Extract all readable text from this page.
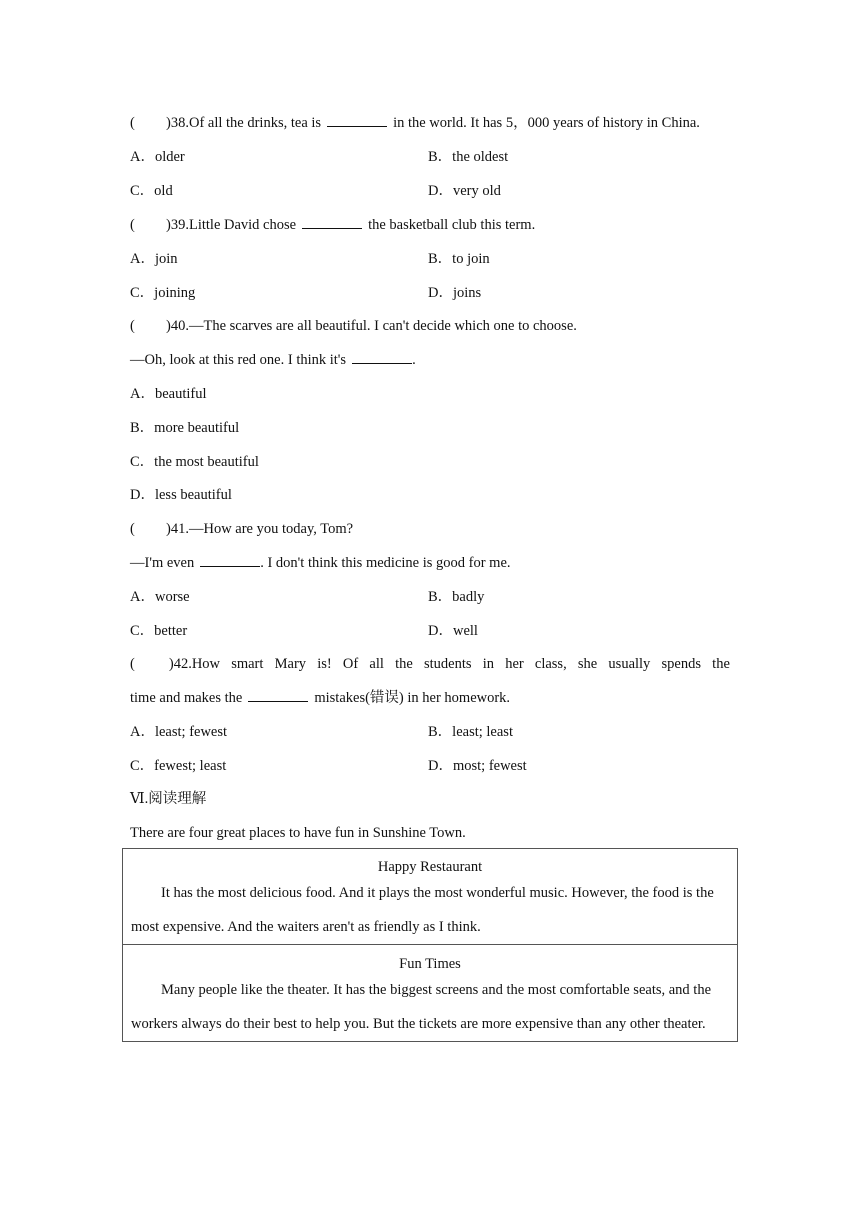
( )38.Of all the drinks, tea is	in the world. It has 5，000 years of history in China.
A．older	B．the oldest
C．old	D．very old
( )39.Little David chose	the basketball club this term.
A．join	B．to join
C．joining	D．joins
( )40.—The scarves are all beautiful. I can't decide which one to choose.
—Oh, look at this red one. I think it's	.
A．beautiful
B．more beautiful
C．the most beautiful
D．less beautiful
( )41.—How are you today, Tom?
—I'm even	. I don't think this medicine is good for me.
A．worse	B．badly
C．better	D．well
( )42.How smart Mary is! Of all the students in her class, she usually spends the
time and makes the	mistakes(错误) in her homework.
A．least; fewest	B．least; least
C．fewest; least	D．most; fewest
Ⅵ.阅读理解
There are four great places to have fun in Sunshine Town.
Happy Restaurant
It has the most delicious food. And it plays the most wonderful music. However, the food is the most expensive. And the waiters aren't as friendly as I think.

Fun Times
Many people like the theater. It has the biggest screens and the most comfortable seats, and the workers always do their best to help you. But the tickets are more expensive than any other theater.
